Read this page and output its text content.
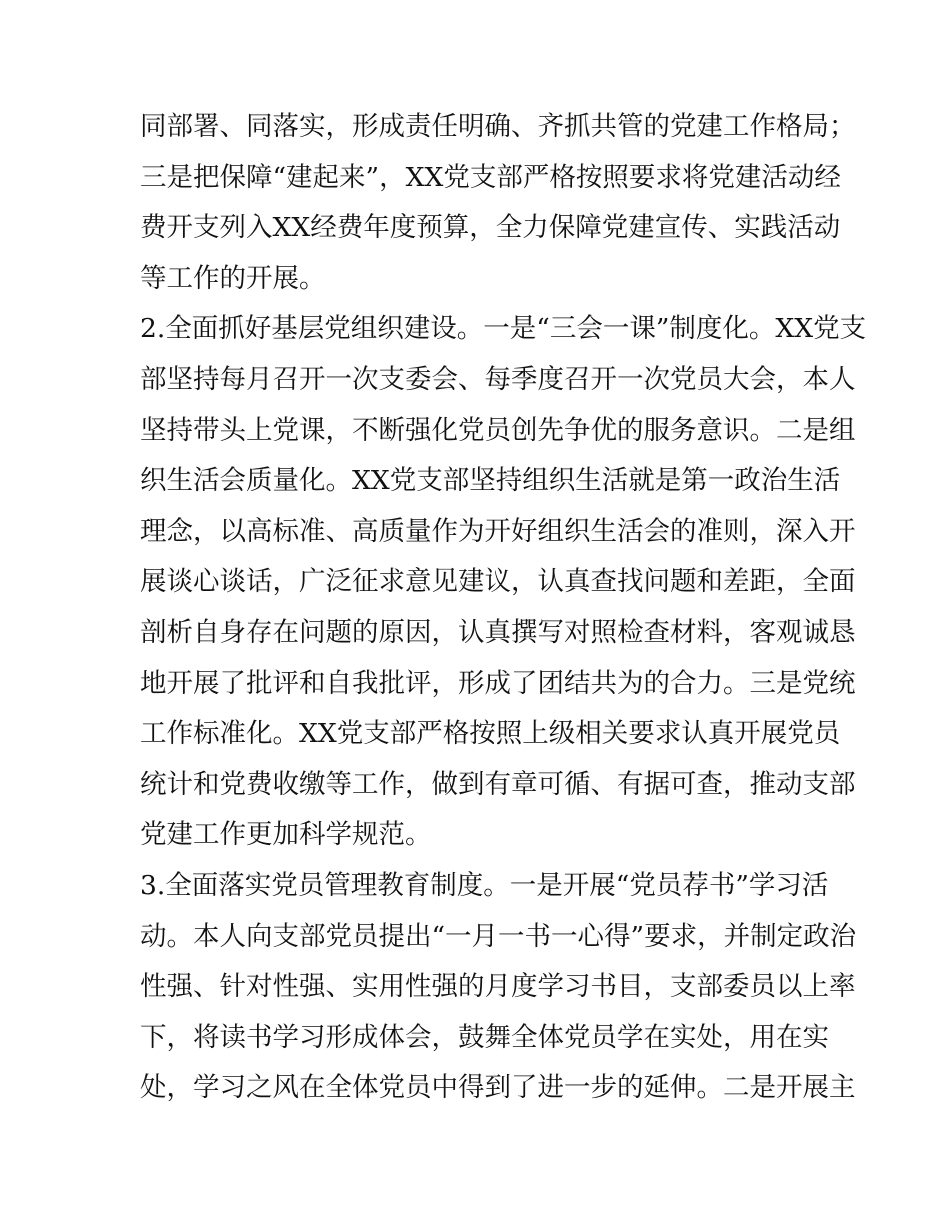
同部署、同落实，形成责任明确、齐抓共管的党建工作格局；
三是把保障“建起来”，XX党支部严格按照要求将党建活动经
费开支列入XX经费年度预算，全力保障党建宣传、实践活动
等工作的开展。
2.全面抓好基层党组织建设。一是“三会一课”制度化。XX党支
部坚持每月召开一次支委会、每季度召开一次党员大会，本人
坚持带头上党课，不断强化党员创先争优的服务意识。二是组
织生活会质量化。XX党支部坚持组织生活就是第一政治生活
理念，以高标准、高质量作为开好组织生活会的准则，深入开
展谈心谈话，广泛征求意见建议，认真查找问题和差距，全面
剖析自身存在问题的原因，认真撰写对照检查材料，客观诚恳
地开展了批评和自我批评，形成了团结共为的合力。三是党统
工作标准化。XX党支部严格按照上级相关要求认真开展党员
统计和党费收缴等工作，做到有章可循、有据可查，推动支部
党建工作更加科学规范。
3.全面落实党员管理教育制度。一是开展“党员荐书”学习活
动。本人向支部党员提出“一月一书一心得”要求，并制定政治
性强、针对性强、实用性强的月度学习书目，支部委员以上率
下，将读书学习形成体会，鼓舞全体党员学在实处，用在实
处，学习之风在全体党员中得到了进一步的延伸。二是开展主
